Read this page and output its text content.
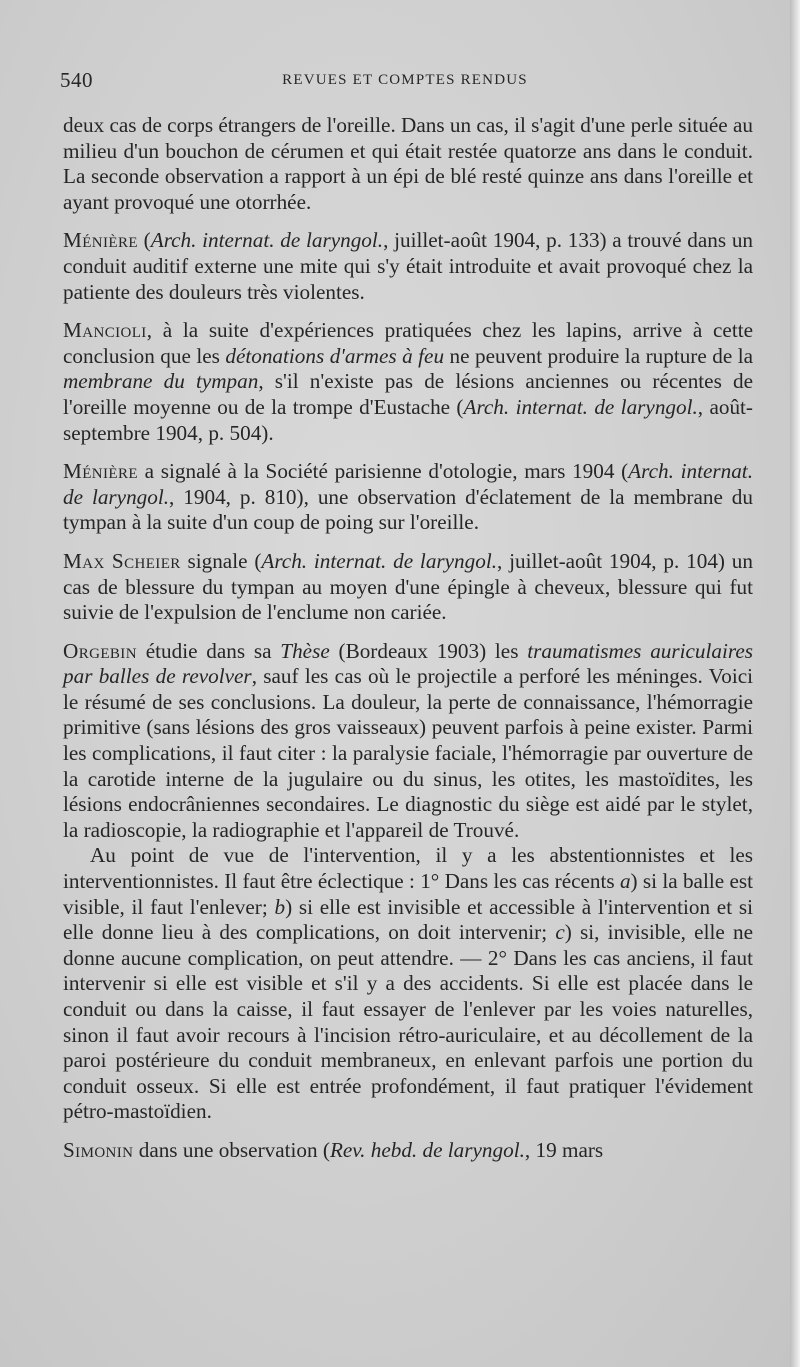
540	REVUES ET COMPTES RENDUS

deux cas de corps étrangers de l'oreille. Dans un cas, il s'agit d'une perle située au milieu d'un bouchon de cérumen et qui était restée quatorze ans dans le conduit. La seconde observation a rapport à un épi de blé resté quinze ans dans l'oreille et ayant provoqué une otorrhée.

Ménière (Arch. internat. de laryngol., juillet-août 1904, p. 133) a trouvé dans un conduit auditif externe une mite qui s'y était introduite et avait provoqué chez la patiente des douleurs très violentes.

Mancioli, à la suite d'expériences pratiquées chez les lapins, arrive à cette conclusion que les détonations d'armes à feu ne peuvent produire la rupture de la membrane du tympan, s'il n'existe pas de lésions anciennes ou récentes de l'oreille moyenne ou de la trompe d'Eustache (Arch. internat. de laryngol., août-septembre 1904, p. 504).

Ménière a signalé à la Société parisienne d'otologie, mars 1904 (Arch. internat. de laryngol., 1904, p. 810), une observation d'éclatement de la membrane du tympan à la suite d'un coup de poing sur l'oreille.

Max Scheier signale (Arch. internat. de laryngol., juillet-août 1904, p. 104) un cas de blessure du tympan au moyen d'une épingle à cheveux, blessure qui fut suivie de l'expulsion de l'enclume non cariée.

Orgebin étudie dans sa Thèse (Bordeaux 1903) les traumatismes auriculaires par balles de revolver, sauf les cas où le projectile a perforé les méninges. Voici le résumé de ses conclusions. La douleur, la perte de connaissance, l'hémorragie primitive (sans lésions des gros vaisseaux) peuvent parfois à peine exister. Parmi les complications, il faut citer : la paralysie faciale, l'hémorragie par ouverture de la carotide interne de la jugulaire ou du sinus, les otites, les mastoïdites, les lésions endocrâniennes secondaires. Le diagnostic du siège est aidé par le stylet, la radioscopie, la radiographie et l'appareil de Trouvé.

Au point de vue de l'intervention, il y a les abstentionnistes et les interventionnistes. Il faut être éclectique : 1° Dans les cas récents a) si la balle est visible, il faut l'enlever; b) si elle est invisible et accessible à l'intervention et si elle donne lieu à des complications, on doit intervenir; c) si, invisible, elle ne donne aucune complication, on peut attendre. — 2° Dans les cas anciens, il faut intervenir si elle est visible et s'il y a des accidents. Si elle est placée dans le conduit ou dans la caisse, il faut essayer de l'enlever par les voies naturelles, sinon il faut avoir recours à l'incision rétro-auriculaire, et au décollement de la paroi postérieure du conduit membraneux, en enlevant parfois une portion du conduit osseux. Si elle est entrée profondément, il faut pratiquer l'évidement pétro-mastoïdien.

Simonin dans une observation (Rev. hebd. de laryngol., 19 mars
